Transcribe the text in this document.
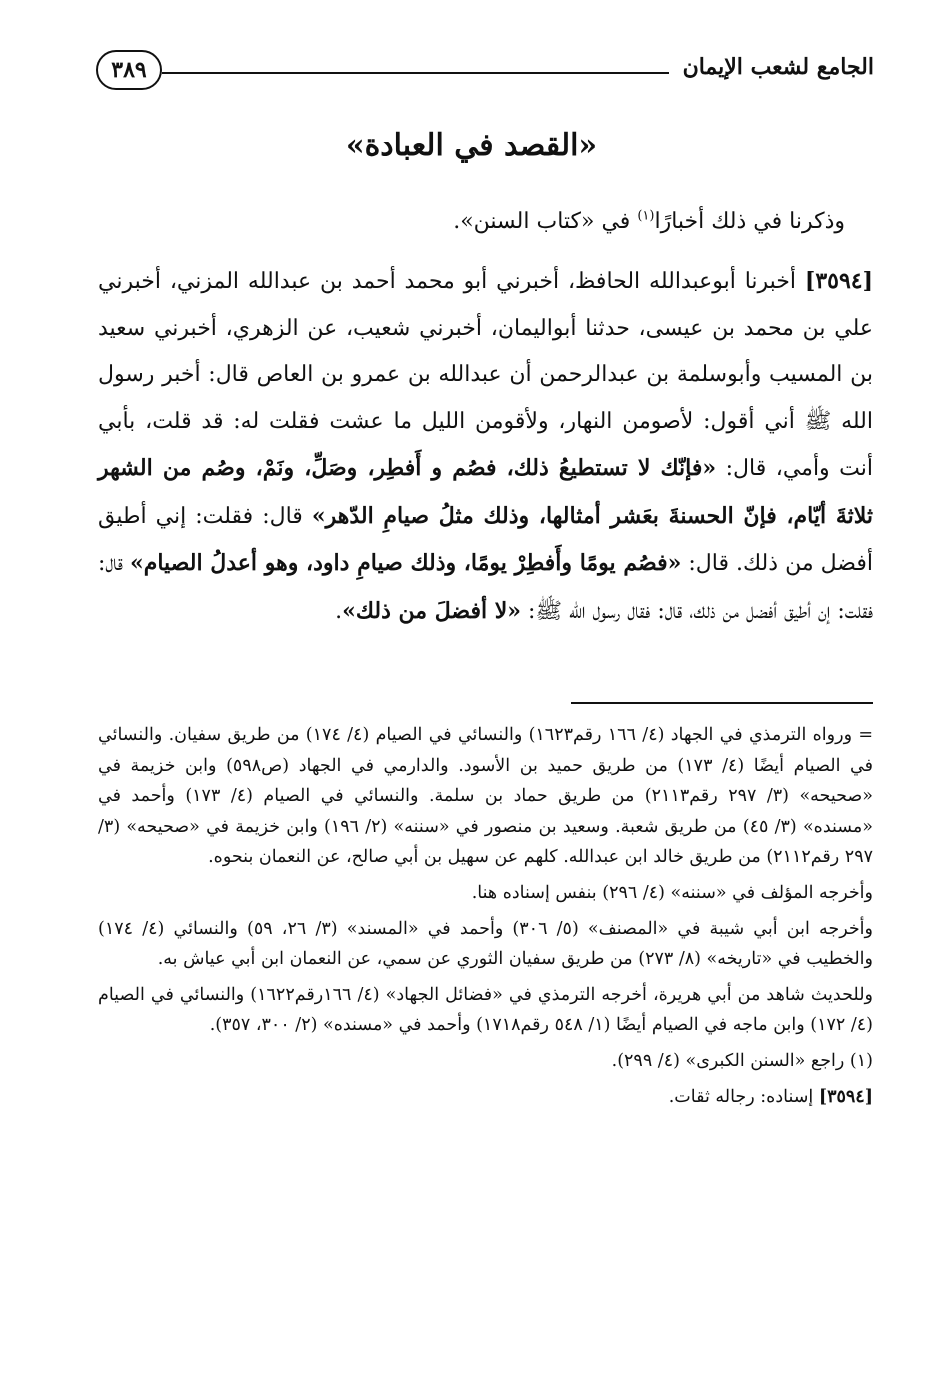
الجامع لشعب الإيمان
٣٨٩
«القصد في العبادة»

وذكرنا في ذلك أخبارًا$^{(١)}$ في «كتاب السنن».

[٣٥٩٤] أخبرنا أبوعبدالله الحافظ، أخبرني أبو محمد أحمد بن عبدالله المزني، أخبرني علي بن محمد بن عيسى، حدثنا أبواليمان، أخبرني شعيب، عن الزهري، أخبرني سعيد بن المسيب وأبوسلمة بن عبدالرحمن أن عبدالله بن عمرو بن العاص قال: أخبر رسول الله ﷺ أني أقول: لأصومن النهار، ولأقومن الليل ما عشت فقلت له: قد قلت، بأبي أنت وأمي، قال: «فإنّك لا تستطيعُ ذلك، فصُم و أَفطِر، وصَلِّ، ونَمْ، وصُم من الشهر ثلاثةَ أيّام، فإنّ الحسنةَ بعَشر أمثالها، وذلك مثلُ صيامِ الدّهر» قال: فقلت: إني أطيق أفضل من ذلك. قال: «فصُم يومًا وأَفطِرْ يومًا، وذلك صيامِ داود، وهو أعدلُ الصيام» قال: فقلت: إن أطيق أفضل من ذلك، قال: فقال رسول الله ﷺ: «لا أفضلَ من ذلك».

= ورواه الترمذي في الجهاد (٤/ ١٦٦ رقم١٦٢٣) والنسائي في الصيام (٤/ ١٧٤) من طريق سفيان. والنسائي في الصيام أيضًا (٤/ ١٧٣) من طريق حميد بن الأسود. والدارمي في الجهاد (ص٥٩٨) وابن خزيمة في «صحيحه» (٣/ ٢٩٧ رقم٢١١٣) من طريق حماد بن سلمة. والنسائي في الصيام (٤/ ١٧٣) وأحمد في «مسنده» (٣/ ٤٥) من طريق شعبة. وسعيد بن منصور في «سننه» (٢/ ١٩٦) وابن خزيمة في «صحيحه» (٣/ ٢٩٧ رقم٢١١٢) من طريق خالد ابن عبدالله. كلهم عن سهيل بن أبي صالح، عن النعمان بنحوه.

وأخرجه المؤلف في «سننه» (٤/ ٢٩٦) بنفس إسناده هنا.

وأخرجه ابن أبي شيبة في «المصنف» (٥/ ٣٠٦) وأحمد في «المسند» (٣/ ٢٦، ٥٩) والنسائي (٤/ ١٧٤) والخطيب في «تاريخه» (٨/ ٢٧٣) من طريق سفيان الثوري عن سمي، عن النعمان ابن أبي عياش به.

وللحديث شاهد من أبي هريرة، أخرجه الترمذي في «فضائل الجهاد» (٤/ ١٦٦رقم١٦٢٢) والنسائي في الصيام (٤/ ١٧٢) وابن ماجه في الصيام أيضًا (١/ ٥٤٨ رقم١٧١٨) وأحمد في «مسنده» (٢/ ٣٠٠، ٣٥٧).

(١) راجع «السنن الكبرى» (٤/ ٢٩٩).

[٣٥٩٤] إسناده: رجاله ثقات.
